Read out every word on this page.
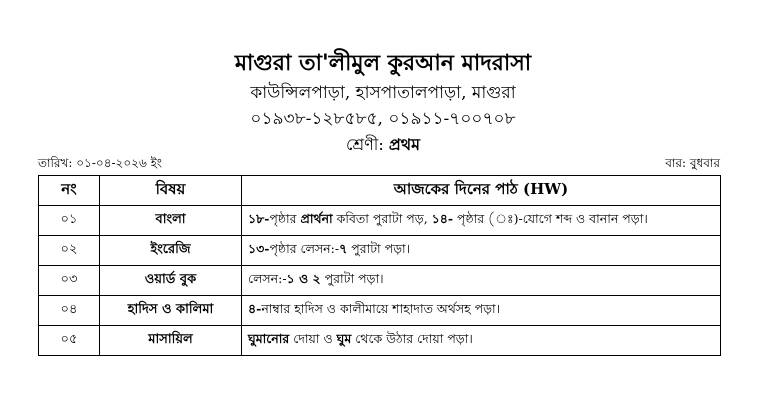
মাগুরা তা'লীমুল কুরআন মাদরাসা
কাউন্সিলপাড়া, হাসপাতালপাড়া, মাগুরা
০১৯৩৮-১২৮৫৮৫, ০১৯১১-৭০০৭০৮
শ্রেণী: প্রথম
তারিখ: ০১-০৪-২০২৬ ইং	বার: বুধবার
নং	বিষয়	আজকের দিনের পাঠ (HW)
০১	বাংলা	১৮-পৃষ্ঠার প্রার্থনা কবিতা পুরাটা পড়, ১৪- পৃষ্ঠার (ঃ)-যোগে শব্দ ও বানান পড়া।
০২	ইংরেজি	১৩-পৃষ্ঠার লেসন:-৭ পুরাটা পড়া।
০৩	ওয়ার্ড বুক	লেসন:-১ ও ২ পুরাটা পড়া।
০৪	হাদিস ও কালিমা	৪-নাম্বার হাদিস ও কালীমায়ে শাহাদাত অর্থসহ পড়া।
০৫	মাসায়িল	ঘুমানোর দোয়া ও ঘুম থেকে উঠার দোয়া পড়া।
